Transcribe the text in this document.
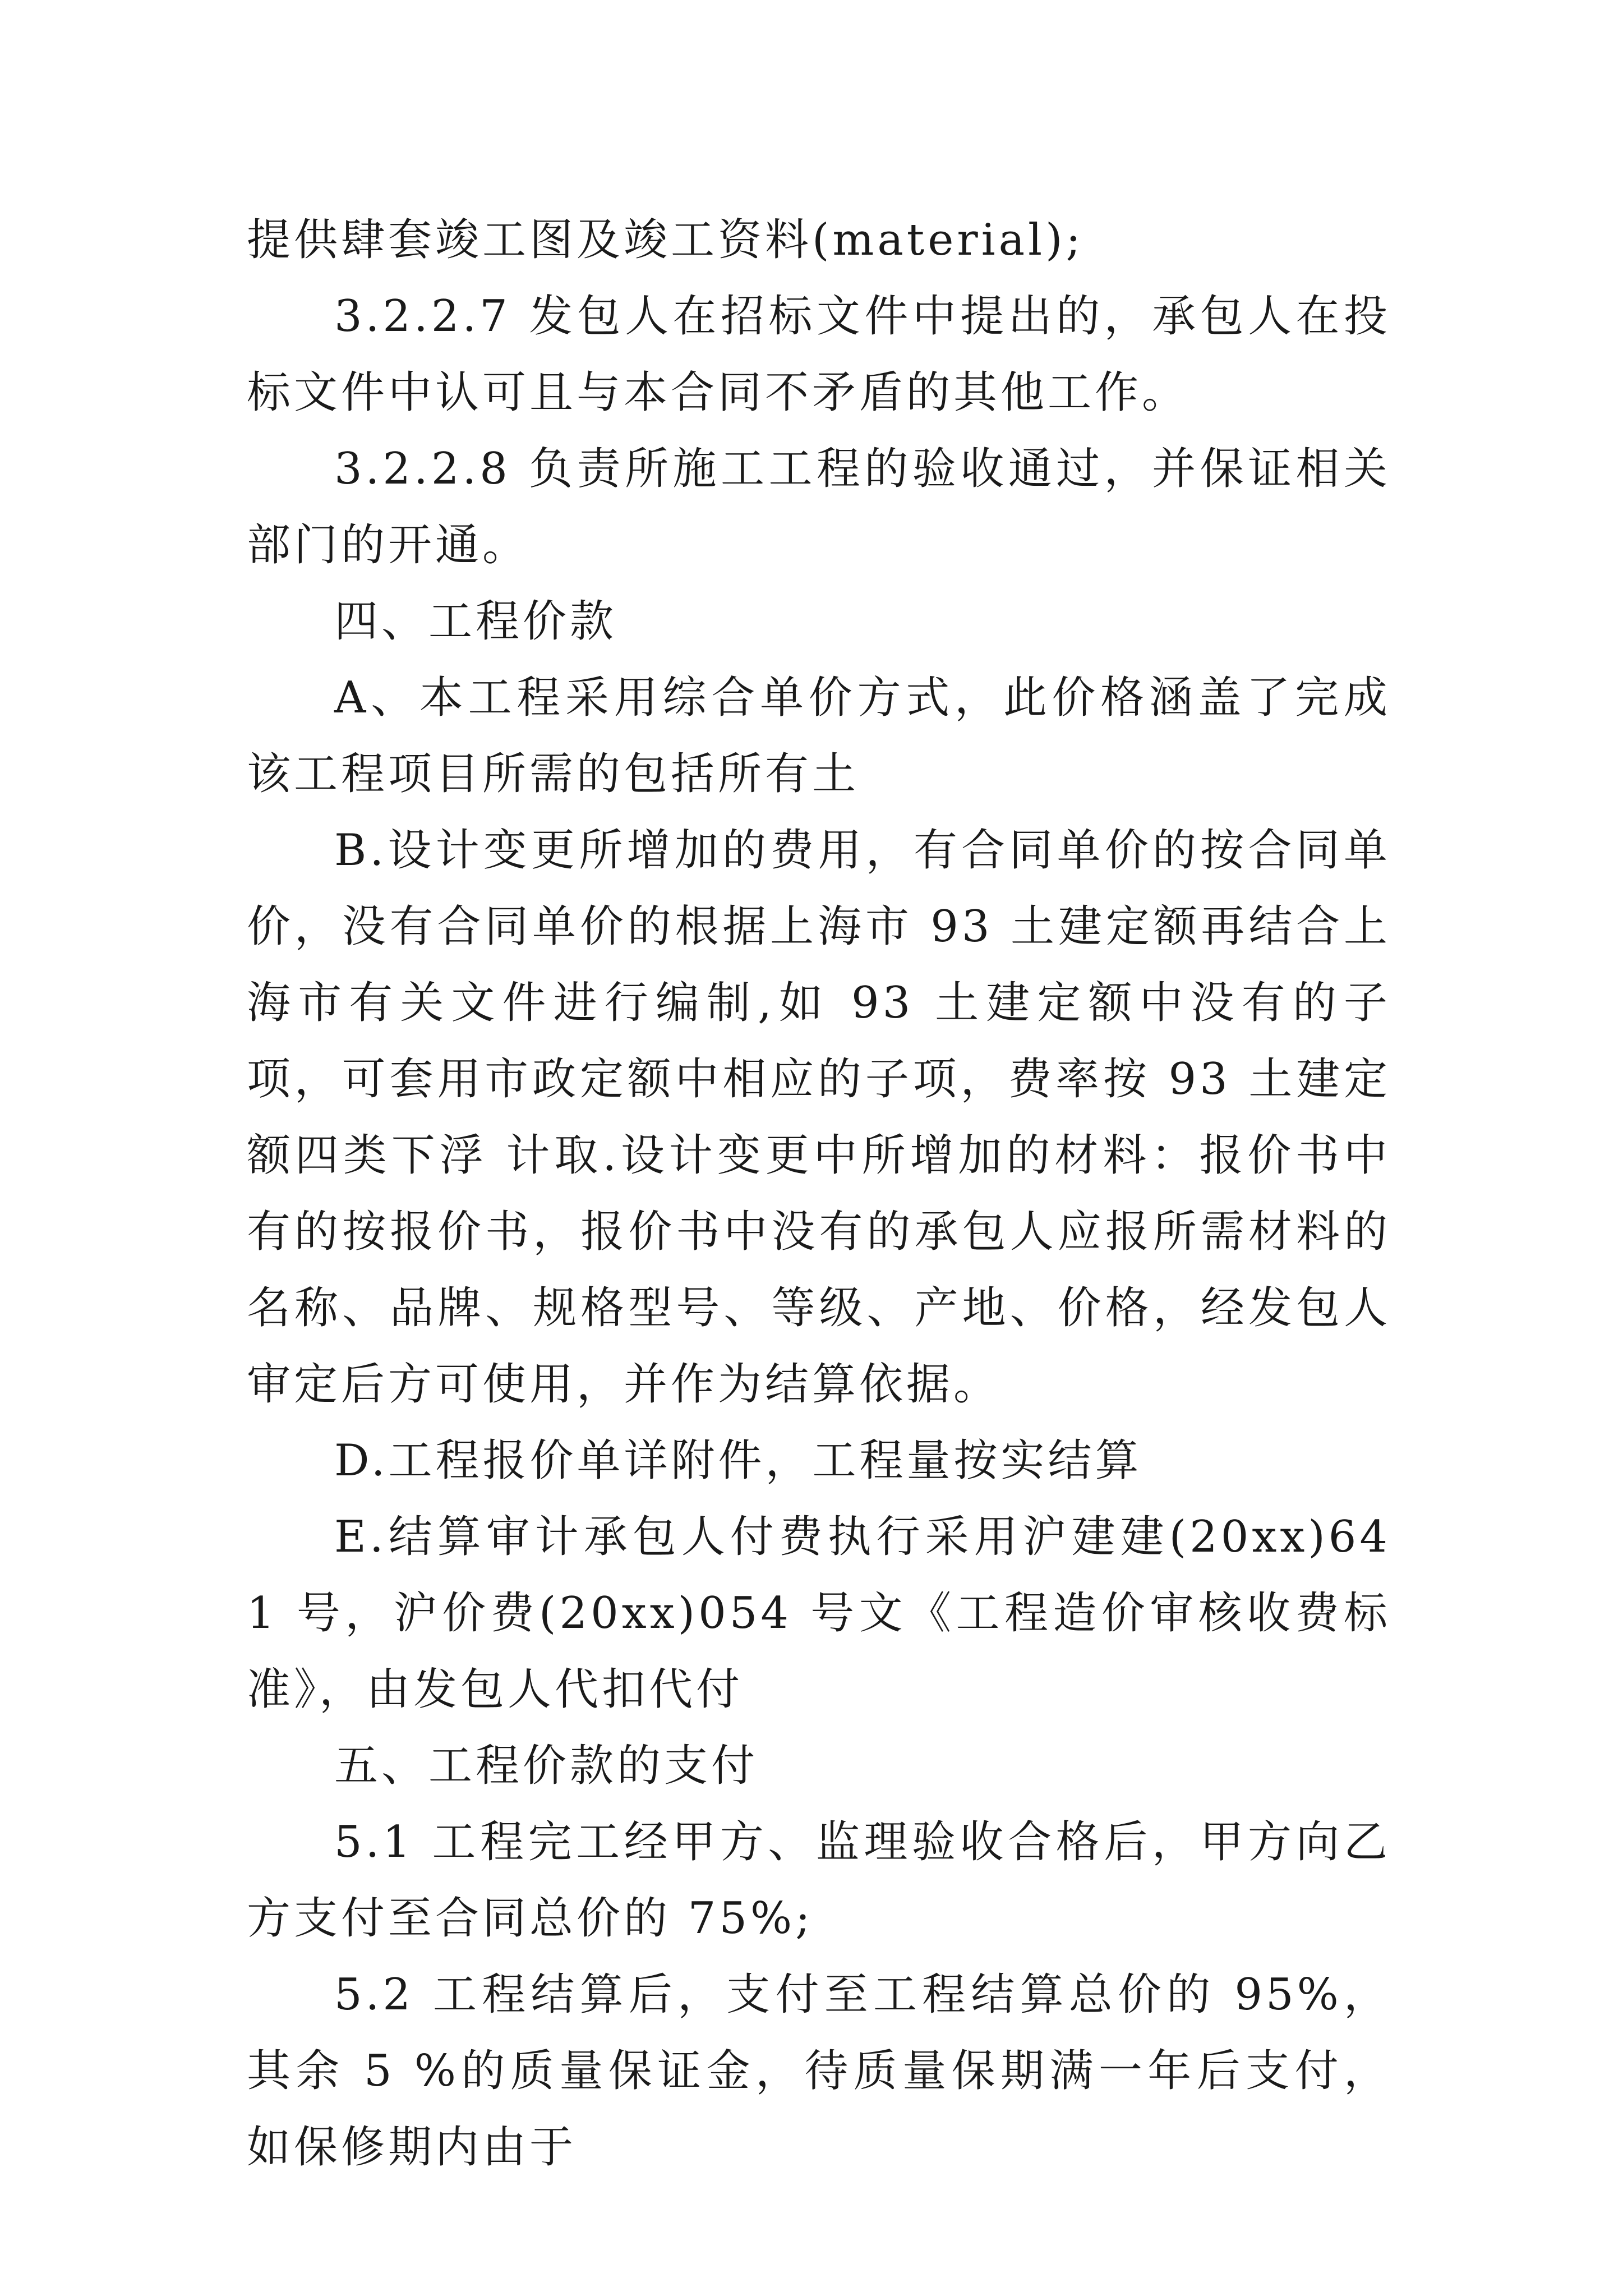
提供肆套竣工图及竣工资料(material);

3.2.2.7 发包人在招标文件中提出的，承包人在投标文件中认可且与本合同不矛盾的其他工作。

3.2.2.8 负责所施工工程的验收通过，并保证相关部门的开通。

四、工程价款

A、本工程采用综合单价方式，此价格涵盖了完成该工程项目所需的包括所有土

B.设计变更所增加的费用，有合同单价的按合同单价，没有合同单价的根据上海市 93 土建定额再结合上海市有关文件进行编制,如 93 土建定额中没有的子项，可套用市政定额中相应的子项，费率按 93 土建定额四类下浮 计取.设计变更中所增加的材料：报价书中有的按报价书，报价书中没有的承包人应报所需材料的名称、品牌、规格型号、等级、产地、价格，经发包人审定后方可使用，并作为结算依据。

D.工程报价单详附件，工程量按实结算

E.结算审计承包人付费执行采用沪建建(20xx)641 号，沪价费(20xx)054 号文《工程造价审核收费标准》，由发包人代扣代付

五、工程价款的支付

5.1 工程完工经甲方、监理验收合格后，甲方向乙方支付至合同总价的 75%;

5.2 工程结算后，支付至工程结算总价的 95%，其余 5 %的质量保证金，待质量保期满一年后支付，如保修期内由于
